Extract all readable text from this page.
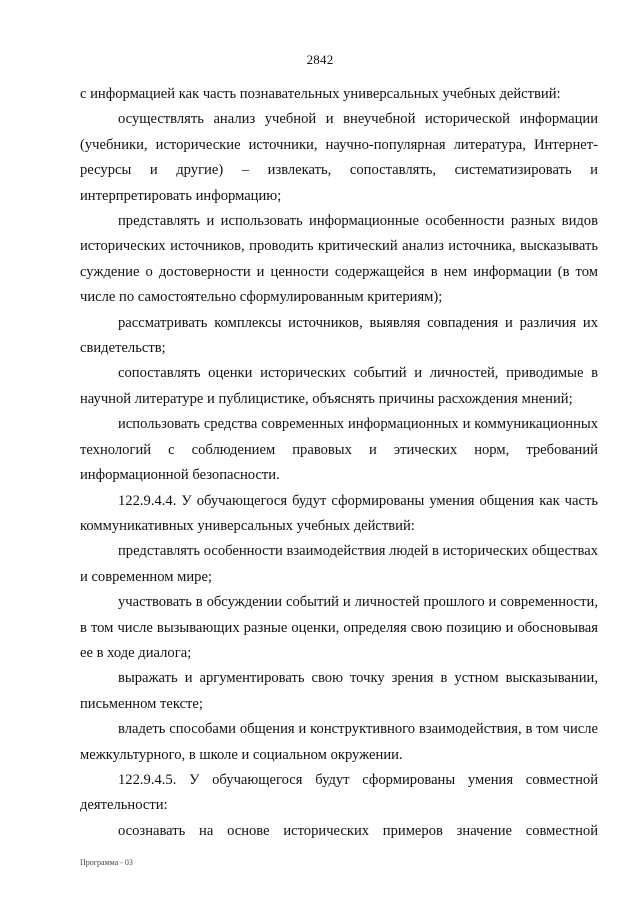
2842

с информацией как часть познавательных универсальных учебных действий:

осуществлять анализ учебной и внеучебной исторической информации (учебники, исторические источники, научно-популярная литература, Интернет-ресурсы и другие) – извлекать, сопоставлять, систематизировать и интерпретировать информацию;

представлять и использовать информационные особенности разных видов исторических источников, проводить критический анализ источника, высказывать суждение о достоверности и ценности содержащейся в нем информации (в том числе по самостоятельно сформулированным критериям);

рассматривать комплексы источников, выявляя совпадения и различия их свидетельств;

сопоставлять оценки исторических событий и личностей, приводимые в научной литературе и публицистике, объяснять причины расхождения мнений;

использовать средства современных информационных и коммуникационных технологий с соблюдением правовых и этических норм, требований информационной безопасности.

122.9.4.4. У обучающегося будут сформированы умения общения как часть коммуникативных универсальных учебных действий:

представлять особенности взаимодействия людей в исторических обществах и современном мире;

участвовать в обсуждении событий и личностей прошлого и современности, в том числе вызывающих разные оценки, определяя свою позицию и обосновывая ее в ходе диалога;

выражать и аргументировать свою точку зрения в устном высказывании, письменном тексте;

владеть способами общения и конструктивного взаимодействия, в том числе межкультурного, в школе и социальном окружении.

122.9.4.5. У обучающегося будут сформированы умения совместной деятельности:

осознавать на основе исторических примеров значение совместной

Программа - 03
